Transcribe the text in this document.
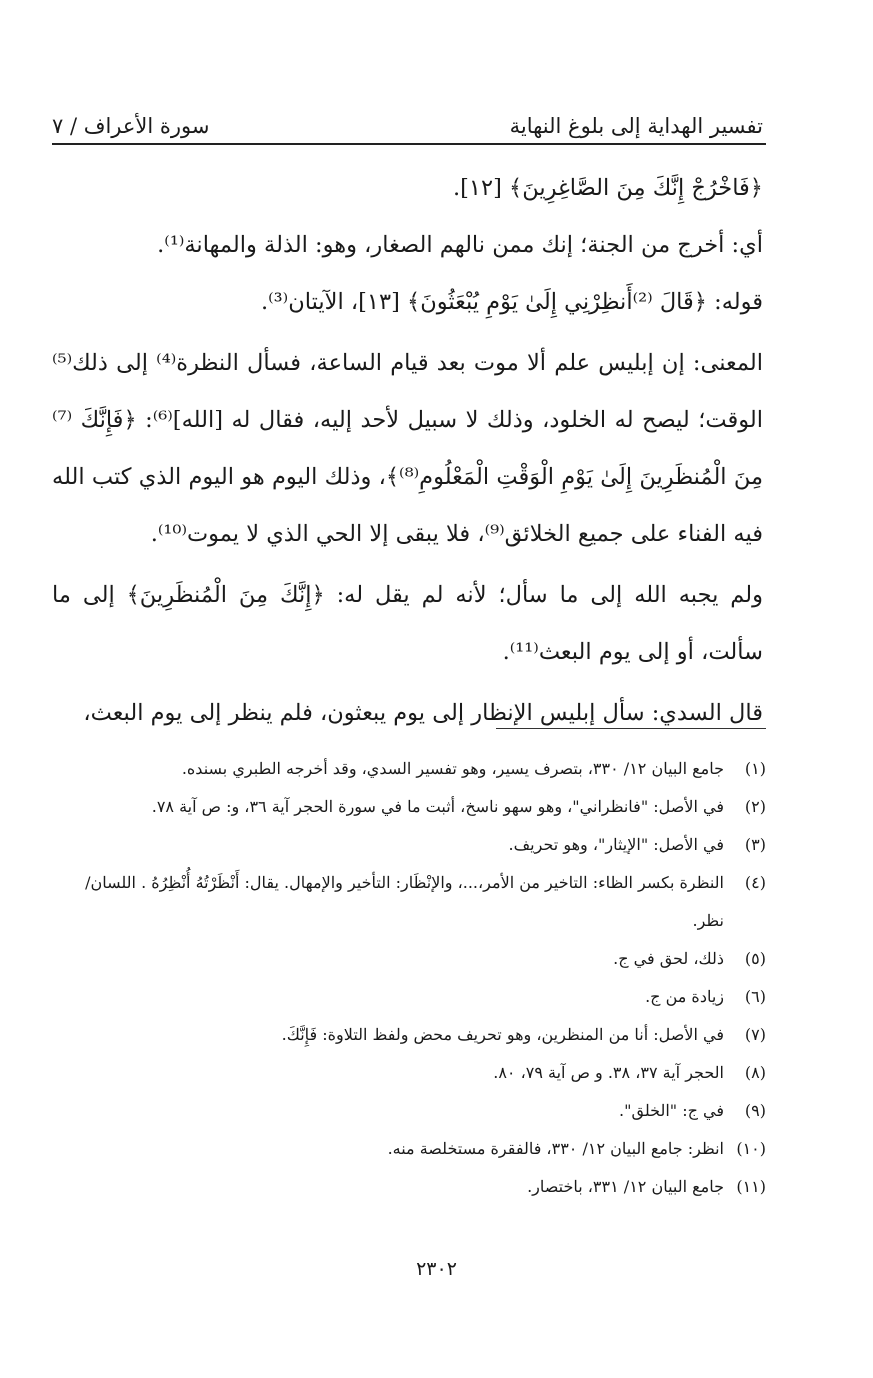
تفسير الهداية إلى بلوغ النهاية
سورة الأعراف / ٧

﴿فَاخْرُجْ إِنَّكَ مِنَ الصَّاغِرِينَ﴾ [١٢].

أي: أخرج من الجنة؛ إنك ممن نالهم الصغار، وهو: الذلة والمهانة⁽¹⁾.

قوله: ﴿قَالَ ⁽²⁾أَنظِرْنِي إِلَىٰ يَوْمِ يُبْعَثُونَ﴾ [١٣]، الآيتان⁽³⁾.

المعنى: إن إبليس علم ألا موت بعد قيام الساعة، فسأل النظرة⁽⁴⁾ إلى ذلك⁽⁵⁾ الوقت؛ ليصح له الخلود، وذلك لا سبيل لأحد إليه، فقال له [الله]⁽⁶⁾: ﴿فَإِنَّكَ ⁽⁷⁾مِنَ الْمُنظَرِينَ إِلَىٰ يَوْمِ الْوَقْتِ الْمَعْلُومِ⁽⁸⁾﴾، وذلك اليوم هو اليوم الذي كتب الله فيه الفناء على جميع الخلائق⁽⁹⁾، فلا يبقى إلا الحي الذي لا يموت⁽¹⁰⁾.

ولم يجبه الله إلى ما سأل؛ لأنه لم يقل له: ﴿إِنَّكَ مِنَ الْمُنظَرِينَ﴾ إلى ما سألت، أو إلى يوم البعث⁽¹¹⁾.

قال السدي: سأل إبليس الإنظار إلى يوم يبعثون، فلم ينظر إلى يوم البعث،

(١)
جامع البيان ١٢/ ٣٣٠، بتصرف يسير، وهو تفسير السدي، وقد أخرجه الطبري بسنده.
(٢)
في الأصل: "فانظراني"، وهو سهو ناسخ، أثبت ما في سورة الحجر آية ٣٦، و: ص آية ٧٨.
(٣)
في الأصل: "الإيثار"، وهو تحريف.
(٤)
النظرة بكسر الظاء: التاخير من الأمر،...، والإنْظَار: التأخير والإمهال. يقال: أَنْظَرْتُهُ أُنْظِرُهُ . اللسان/ نظر.
(٥)
ذلك، لحق في ج.
(٦)
زيادة من ج.
(٧)
في الأصل: أنا من المنظرين، وهو تحريف محض ولفظ التلاوة: فَإِنَّكَ.
(٨)
الحجر آية ٣٧، ٣٨. و ص آية ٧٩، ٨٠.
(٩)
في ج: "الخلق".
(١٠)
انظر: جامع البيان ١٢/ ٣٣٠، فالفقرة مستخلصة منه.
(١١)
جامع البيان ١٢/ ٣٣١، باختصار.
٢٣٠٢
